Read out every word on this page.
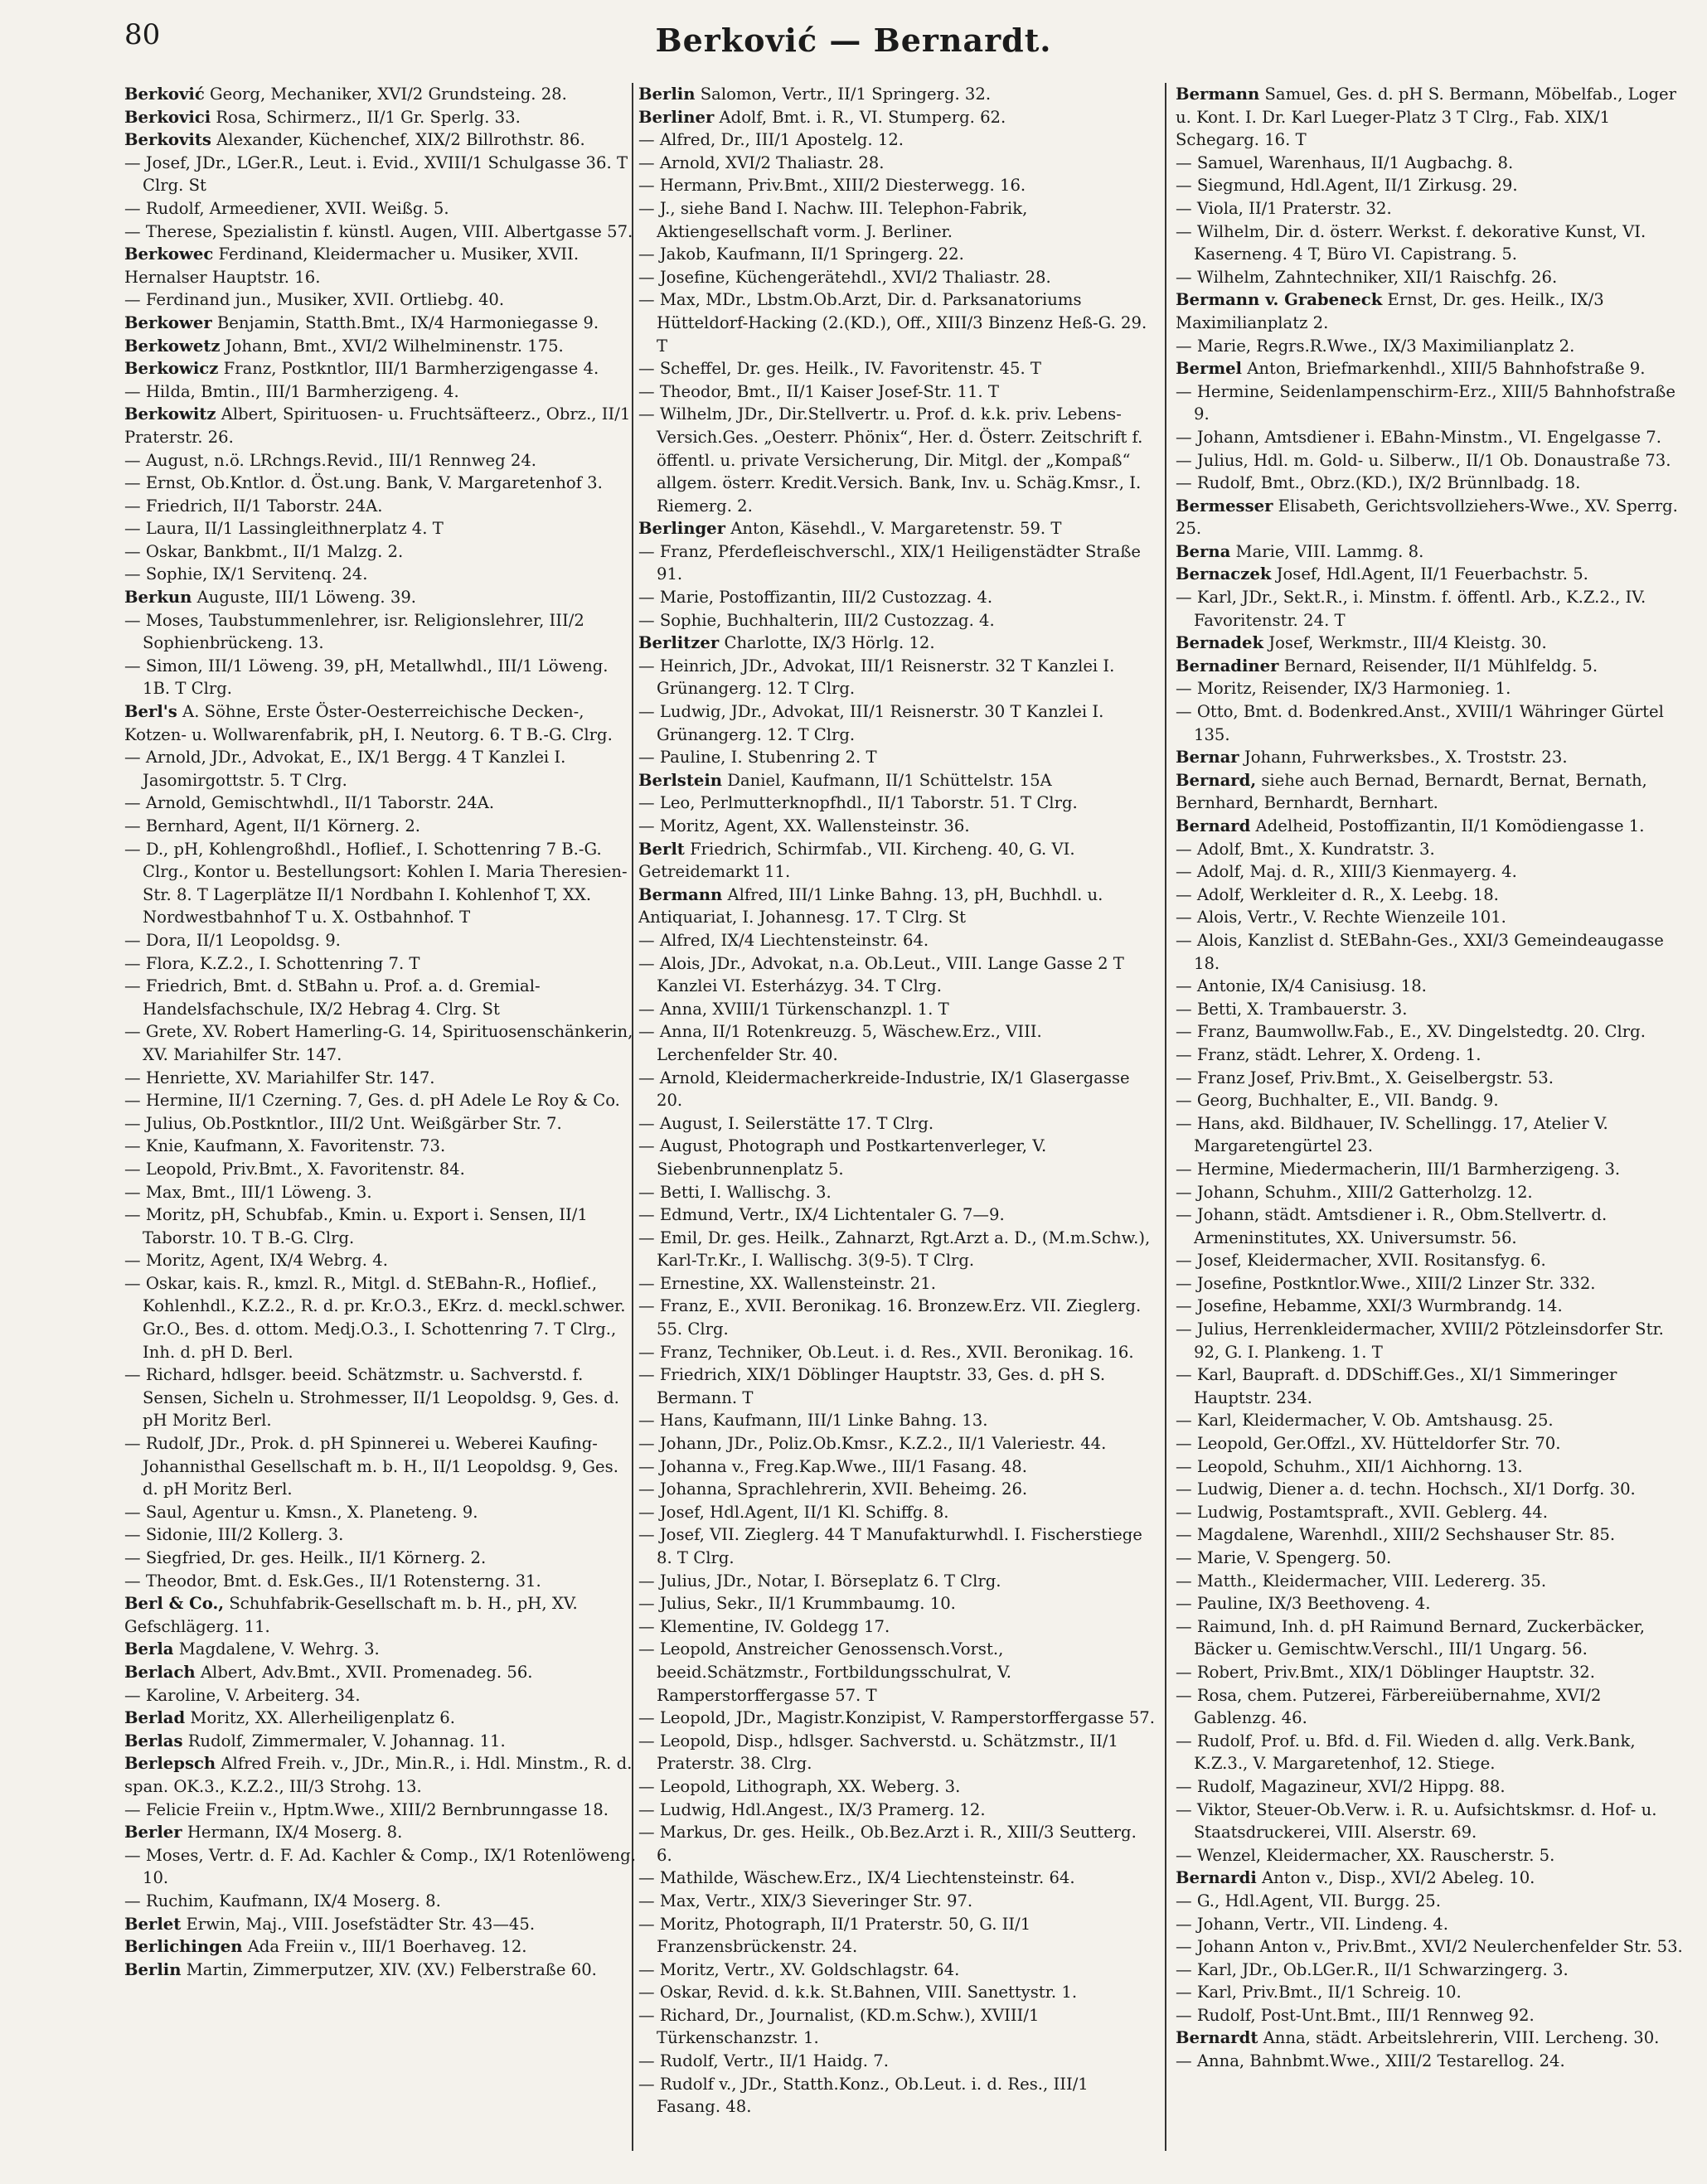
80	Berković — Bernardt.

Berković Georg, Mechaniker, XVI/2 Grundsteing. 28.

Berkovici Rosa, Schirmerz., II/1 Gr. Sperlg. 33.

Berkovits Alexander, Küchenchef, XIX/2 Billrothstr. 86.

— Josef, JDr., LGer.R., Leut. i. Evid., XVIII/1 Schulgasse 36. T Clrg. St

— Rudolf, Armeediener, XVII. Weißg. 5.

— Therese, Spezialistin f. künstl. Augen, VIII. Albertgasse 57.

Berkowec Ferdinand, Kleidermacher u. Musiker, XVII. Hernalser Hauptstr. 16.

— Ferdinand jun., Musiker, XVII. Ortliebg. 40.

Berkower Benjamin, Statth.Bmt., IX/4 Harmoniegasse 9.

Berkowetz Johann, Bmt., XVI/2 Wilhelminenstr. 175.

Berkowicz Franz, Postkntlor, III/1 Barmherzigengasse 4.

— Hilda, Bmtin., III/1 Barmherzigeng. 4.

Berkowitz Albert, Spirituosen- u. Fruchtsäfteerz., Obrz., II/1 Praterstr. 26.

— August, n.ö. LRchngs.Revid., III/1 Rennweg 24.

— Ernst, Ob.Kntlor. d. Öst.ung. Bank, V. Margaretenhof 3.

— Friedrich, II/1 Taborstr. 24A.

— Laura, II/1 Lassingleithnerplatz 4. T

— Oskar, Bankbmt., II/1 Malzg. 2.

— Sophie, IX/1 Servitenq. 24.

Berkun Auguste, III/1 Löweng. 39.

— Moses, Taubstummenlehrer, isr. Religionslehrer, III/2 Sophienbrückeng. 13.

— Simon, III/1 Löweng. 39, pH, Metallwhdl., III/1 Löweng. 1B. T Clrg.

Berl's A. Söhne, Erste Öster-Oesterreichische Decken-, Kotzen- u. Wollwarenfabrik, pH, I. Neutorg. 6. T B.-G. Clrg.

— Arnold, JDr., Advokat, E., IX/1 Bergg. 4 T Kanzlei I. Jasomirgottstr. 5. T Clrg.

— Arnold, Gemischtwhdl., II/1 Taborstr. 24A.

— Bernhard, Agent, II/1 Körnerg. 2.

— D., pH, Kohlengroßhdl., Hoflief., I. Schottenring 7 B.-G. Clrg., Kontor u. Bestellungsort: Kohlen I. Maria Theresien-Str. 8. T Lagerplätze II/1 Nordbahn I. Kohlenhof T, XX. Nordwestbahnhof T u. X. Ostbahnhof. T

— Dora, II/1 Leopoldsg. 9.

— Flora, K.Z.2., I. Schottenring 7. T

— Friedrich, Bmt. d. StBahn u. Prof. a. d. Gremial-Handelsfachschule, IX/2 Hebrag 4. Clrg. St

— Grete, XV. Robert Hamerling-G. 14, Spirituosenschänkerin, XV. Mariahilfer Str. 147.

— Henriette, XV. Mariahilfer Str. 147.

— Hermine, II/1 Czerning. 7, Ges. d. pH Adele Le Roy & Co.

— Julius, Ob.Postkntlor., III/2 Unt. Weißgärber Str. 7.

— Knie, Kaufmann, X. Favoritenstr. 73.

— Leopold, Priv.Bmt., X. Favoritenstr. 84.

— Max, Bmt., III/1 Löweng. 3.

— Moritz, pH, Schubfab., Kmin. u. Export i. Sensen, II/1 Taborstr. 10. T B.-G. Clrg.

— Moritz, Agent, IX/4 Webrg. 4.

— Oskar, kais. R., kmzl. R., Mitgl. d. StEBahn-R., Hoflief., Kohlenhdl., K.Z.2., R. d. pr. Kr.O.3., EKrz. d. meckl.schwer. Gr.O., Bes. d. ottom. Medj.O.3., I. Schottenring 7. T Clrg., Inh. d. pH D. Berl.

— Richard, hdlsger. beeid. Schätzmstr. u. Sachverstd. f. Sensen, Sicheln u. Strohmesser, II/1 Leopoldsg. 9, Ges. d. pH Moritz Berl.

— Rudolf, JDr., Prok. d. pH Spinnerei u. Weberei Kaufing-Johannisthal Gesellschaft m. b. H., II/1 Leopoldsg. 9, Ges. d. pH Moritz Berl.

— Saul, Agentur u. Kmsn., X. Planeteng. 9.

— Sidonie, III/2 Kollerg. 3.

— Siegfried, Dr. ges. Heilk., II/1 Körnerg. 2.

— Theodor, Bmt. d. Esk.Ges., II/1 Rotensterng. 31.

Berl & Co., Schuhfabrik-Gesellschaft m. b. H., pH, XV. Gefschlägerg. 11.

Berla Magdalene, V. Wehrg. 3.

Berlach Albert, Adv.Bmt., XVII. Promenadeg. 56.

— Karoline, V. Arbeiterg. 34.

Berlad Moritz, XX. Allerheiligenplatz 6.

Berlas Rudolf, Zimmermaler, V. Johannag. 11.

Berlepsch Alfred Freih. v., JDr., Min.R., i. Hdl. Minstm., R. d. span. OK.3., K.Z.2., III/3 Strohg. 13.

— Felicie Freiin v., Hptm.Wwe., XIII/2 Bernbrunngasse 18.

Berler Hermann, IX/4 Moserg. 8.

— Moses, Vertr. d. F. Ad. Kachler & Comp., IX/1 Rotenlöweng. 10.

— Ruchim, Kaufmann, IX/4 Moserg. 8.

Berlet Erwin, Maj., VIII. Josefstädter Str. 43—45.

Berlichingen Ada Freiin v., III/1 Boerhaveg. 12.

Berlin Martin, Zimmerputzer, XIV. (XV.) Felberstraße 60.

Berlin Salomon, Vertr., II/1 Springerg. 32.

Berliner Adolf, Bmt. i. R., VI. Stumperg. 62.

— Alfred, Dr., III/1 Apostelg. 12.

— Arnold, XVI/2 Thaliastr. 28.

— Hermann, Priv.Bmt., XIII/2 Diesterwegg. 16.

— J., siehe Band I. Nachw. III. Telephon-Fabrik, Aktiengesellschaft vorm. J. Berliner.

— Jakob, Kaufmann, II/1 Springerg. 22.

— Josefine, Küchengerätehdl., XVI/2 Thaliastr. 28.

— Max, MDr., Lbstm.Ob.Arzt, Dir. d. Parksanatoriums Hütteldorf-Hacking (2.(KD.), Off., XIII/3 Binzenz Heß-G. 29. T

— Scheffel, Dr. ges. Heilk., IV. Favoritenstr. 45. T

— Theodor, Bmt., II/1 Kaiser Josef-Str. 11. T

— Wilhelm, JDr., Dir.Stellvertr. u. Prof. d. k.k. priv. Lebens-Versich.Ges. „Oesterr. Phönix“, Her. d. Österr. Zeitschrift f. öffentl. u. private Versicherung, Dir. Mitgl. der „Kompaß“ allgem. österr. Kredit.Versich. Bank, Inv. u. Schäg.Kmsr., I. Riemerg. 2.

Berlinger Anton, Käsehdl., V. Margaretenstr. 59. T

— Franz, Pferdefleischverschl., XIX/1 Heiligenstädter Straße 91.

— Marie, Postoffizantin, III/2 Custozzag. 4.

— Sophie, Buchhalterin, III/2 Custozzag. 4.

Berlitzer Charlotte, IX/3 Hörlg. 12.

— Heinrich, JDr., Advokat, III/1 Reisnerstr. 32 T Kanzlei I. Grünangerg. 12. T Clrg.

— Ludwig, JDr., Advokat, III/1 Reisnerstr. 30 T Kanzlei I. Grünangerg. 12. T Clrg.

— Pauline, I. Stubenring 2. T

Berlstein Daniel, Kaufmann, II/1 Schüttelstr. 15A

— Leo, Perlmutterknopfhdl., II/1 Taborstr. 51. T Clrg.

— Moritz, Agent, XX. Wallensteinstr. 36.

Berlt Friedrich, Schirmfab., VII. Kircheng. 40, G. VI. Getreidemarkt 11.

Bermann Alfred, III/1 Linke Bahng. 13, pH, Buchhdl. u. Antiquariat, I. Johannesg. 17. T Clrg. St

— Alfred, IX/4 Liechtensteinstr. 64.

— Alois, JDr., Advokat, n.a. Ob.Leut., VIII. Lange Gasse 2 T Kanzlei VI. Esterházyg. 34. T Clrg.

— Anna, XVIII/1 Türkenschanzpl. 1. T

— Anna, II/1 Rotenkreuzg. 5, Wäschew.Erz., VIII. Lerchenfelder Str. 40.

— Arnold, Kleidermacherkreide-Industrie, IX/1 Glasergasse 20.

— August, I. Seilerstätte 17. T Clrg.

— August, Photograph und Postkartenverleger, V. Siebenbrunnenplatz 5.

— Betti, I. Wallischg. 3.

— Edmund, Vertr., IX/4 Lichtentaler G. 7—9.

— Emil, Dr. ges. Heilk., Zahnarzt, Rgt.Arzt a. D., (M.m.Schw.), Karl-Tr.Kr., I. Wallischg. 3(9-5). T Clrg.

— Ernestine, XX. Wallensteinstr. 21.

— Franz, E., XVII. Beronikag. 16. Bronzew.Erz. VII. Zieglerg. 55. Clrg.

— Franz, Techniker, Ob.Leut. i. d. Res., XVII. Beronikag. 16.

— Friedrich, XIX/1 Döblinger Hauptstr. 33, Ges. d. pH S. Bermann. T

— Hans, Kaufmann, III/1 Linke Bahng. 13.

— Johann, JDr., Poliz.Ob.Kmsr., K.Z.2., II/1 Valeriestr. 44.

— Johanna v., Freg.Kap.Wwe., III/1 Fasang. 48.

— Johanna, Sprachlehrerin, XVII. Beheimg. 26.

— Josef, Hdl.Agent, II/1 Kl. Schiffg. 8.

— Josef, VII. Zieglerg. 44 T Manufakturwhdl. I. Fischerstiege 8. T Clrg.

— Julius, JDr., Notar, I. Börseplatz 6. T Clrg.

— Julius, Sekr., II/1 Krummbaumg. 10.

— Klementine, IV. Goldegg 17.

— Leopold, Anstreicher Genossensch.Vorst., beeid.Schätzmstr., Fortbildungsschulrat, V. Ramperstorffergasse 57. T

— Leopold, JDr., Magistr.Konzipist, V. Ramperstorffergasse 57.

— Leopold, Disp., hdlsger. Sachverstd. u. Schätzmstr., II/1 Praterstr. 38. Clrg.

— Leopold, Lithograph, XX. Weberg. 3.

— Ludwig, Hdl.Angest., IX/3 Pramerg. 12.

— Markus, Dr. ges. Heilk., Ob.Bez.Arzt i. R., XIII/3 Seutterg. 6.

— Mathilde, Wäschew.Erz., IX/4 Liechtensteinstr. 64.

— Max, Vertr., XIX/3 Sieveringer Str. 97.

— Moritz, Photograph, II/1 Praterstr. 50, G. II/1 Franzensbrückenstr. 24.

— Moritz, Vertr., XV. Goldschlagstr. 64.

— Oskar, Revid. d. k.k. St.Bahnen, VIII. Sanettystr. 1.

— Richard, Dr., Journalist, (KD.m.Schw.), XVIII/1 Türkenschanzstr. 1.

— Rudolf, Vertr., II/1 Haidg. 7.

— Rudolf v., JDr., Statth.Konz., Ob.Leut. i. d. Res., III/1 Fasang. 48.

Bermann Samuel, Ges. d. pH S. Bermann, Möbelfab., Loger u. Kont. I. Dr. Karl Lueger-Platz 3 T Clrg., Fab. XIX/1 Schegarg. 16. T

— Samuel, Warenhaus, II/1 Augbachg. 8.

— Siegmund, Hdl.Agent, II/1 Zirkusg. 29.

— Viola, II/1 Praterstr. 32.

— Wilhelm, Dir. d. österr. Werkst. f. dekorative Kunst, VI. Kaserneng. 4 T, Büro VI. Capistrang. 5.

— Wilhelm, Zahntechniker, XII/1 Raischfg. 26.

Bermann v. Grabeneck Ernst, Dr. ges. Heilk., IX/3 Maximilianplatz 2.

— Marie, Regrs.R.Wwe., IX/3 Maximilianplatz 2.

Bermel Anton, Briefmarkenhdl., XIII/5 Bahnhofstraße 9.

— Hermine, Seidenlampenschirm-Erz., XIII/5 Bahnhofstraße 9.

— Johann, Amtsdiener i. EBahn-Minstm., VI. Engelgasse 7.

— Julius, Hdl. m. Gold- u. Silberw., II/1 Ob. Donaustraße 73.

— Rudolf, Bmt., Obrz.(KD.), IX/2 Brünnlbadg. 18.

Bermesser Elisabeth, Gerichtsvollziehers-Wwe., XV. Sperrg. 25.

Berna Marie, VIII. Lammg. 8.

Bernaczek Josef, Hdl.Agent, II/1 Feuerbachstr. 5.

— Karl, JDr., Sekt.R., i. Minstm. f. öffentl. Arb., K.Z.2., IV. Favoritenstr. 24. T

Bernadek Josef, Werkmstr., III/4 Kleistg. 30.

Bernadiner Bernard, Reisender, II/1 Mühlfeldg. 5.

— Moritz, Reisender, IX/3 Harmonieg. 1.

— Otto, Bmt. d. Bodenkred.Anst., XVIII/1 Währinger Gürtel 135.

Bernar Johann, Fuhrwerksbes., X. Troststr. 23.

Bernard, siehe auch Bernad, Bernardt, Bernat, Bernath, Bernhard, Bernhardt, Bernhart.

Bernard Adelheid, Postoffizantin, II/1 Komödiengasse 1.

— Adolf, Bmt., X. Kundratstr. 3.

— Adolf, Maj. d. R., XIII/3 Kienmayerg. 4.

— Adolf, Werkleiter d. R., X. Leebg. 18.

— Alois, Vertr., V. Rechte Wienzeile 101.

— Alois, Kanzlist d. StEBahn-Ges., XXI/3 Gemeindeaugasse 18.

— Antonie, IX/4 Canisiusg. 18.

— Betti, X. Trambauerstr. 3.

— Franz, Baumwollw.Fab., E., XV. Dingelstedtg. 20. Clrg.

— Franz, städt. Lehrer, X. Ordeng. 1.

— Franz Josef, Priv.Bmt., X. Geiselbergstr. 53.

— Georg, Buchhalter, E., VII. Bandg. 9.

— Hans, akd. Bildhauer, IV. Schellingg. 17, Atelier V. Margaretengürtel 23.

— Hermine, Miedermacherin, III/1 Barmherzigeng. 3.

— Johann, Schuhm., XIII/2 Gatterholzg. 12.

— Johann, städt. Amtsdiener i. R., Obm.Stellvertr. d. Armeninstitutes, XX. Universumstr. 56.

— Josef, Kleidermacher, XVII. Rositansfyg. 6.

— Josefine, Postkntlor.Wwe., XIII/2 Linzer Str. 332.

— Josefine, Hebamme, XXI/3 Wurmbrandg. 14.

— Julius, Herrenkleidermacher, XVIII/2 Pötzleinsdorfer Str. 92, G. I. Plankeng. 1. T

— Karl, Baupraft. d. DDSchiff.Ges., XI/1 Simmeringer Hauptstr. 234.

— Karl, Kleidermacher, V. Ob. Amtshausg. 25.

— Leopold, Ger.Offzl., XV. Hütteldorfer Str. 70.

— Leopold, Schuhm., XII/1 Aichhorng. 13.

— Ludwig, Diener a. d. techn. Hochsch., XI/1 Dorfg. 30.

— Ludwig, Postamtspraft., XVII. Geblerg. 44.

— Magdalene, Warenhdl., XIII/2 Sechshauser Str. 85.

— Marie, V. Spengerg. 50.

— Matth., Kleidermacher, VIII. Ledererg. 35.

— Pauline, IX/3 Beethoveng. 4.

— Raimund, Inh. d. pH Raimund Bernard, Zuckerbäcker, Bäcker u. Gemischtw.Verschl., III/1 Ungarg. 56.

— Robert, Priv.Bmt., XIX/1 Döblinger Hauptstr. 32.

— Rosa, chem. Putzerei, Färbereiübernahme, XVI/2 Gablenzg. 46.

— Rudolf, Prof. u. Bfd. d. Fil. Wieden d. allg. Verk.Bank, K.Z.3., V. Margaretenhof, 12. Stiege.

— Rudolf, Magazineur, XVI/2 Hippg. 88.

— Viktor, Steuer-Ob.Verw. i. R. u. Aufsichtskmsr. d. Hof- u. Staatsdruckerei, VIII. Alserstr. 69.

— Wenzel, Kleidermacher, XX. Rauscherstr. 5.

Bernardi Anton v., Disp., XVI/2 Abeleg. 10.

— G., Hdl.Agent, VII. Burgg. 25.

— Johann, Vertr., VII. Lindeng. 4.

— Johann Anton v., Priv.Bmt., XVI/2 Neulerchenfelder Str. 53.

— Karl, JDr., Ob.LGer.R., II/1 Schwarzingerg. 3.

— Karl, Priv.Bmt., II/1 Schreig. 10.

— Rudolf, Post-Unt.Bmt., III/1 Rennweg 92.

Bernardt Anna, städt. Arbeitslehrerin, VIII. Lercheng. 30.

— Anna, Bahnbmt.Wwe., XIII/2 Testarellog. 24.
